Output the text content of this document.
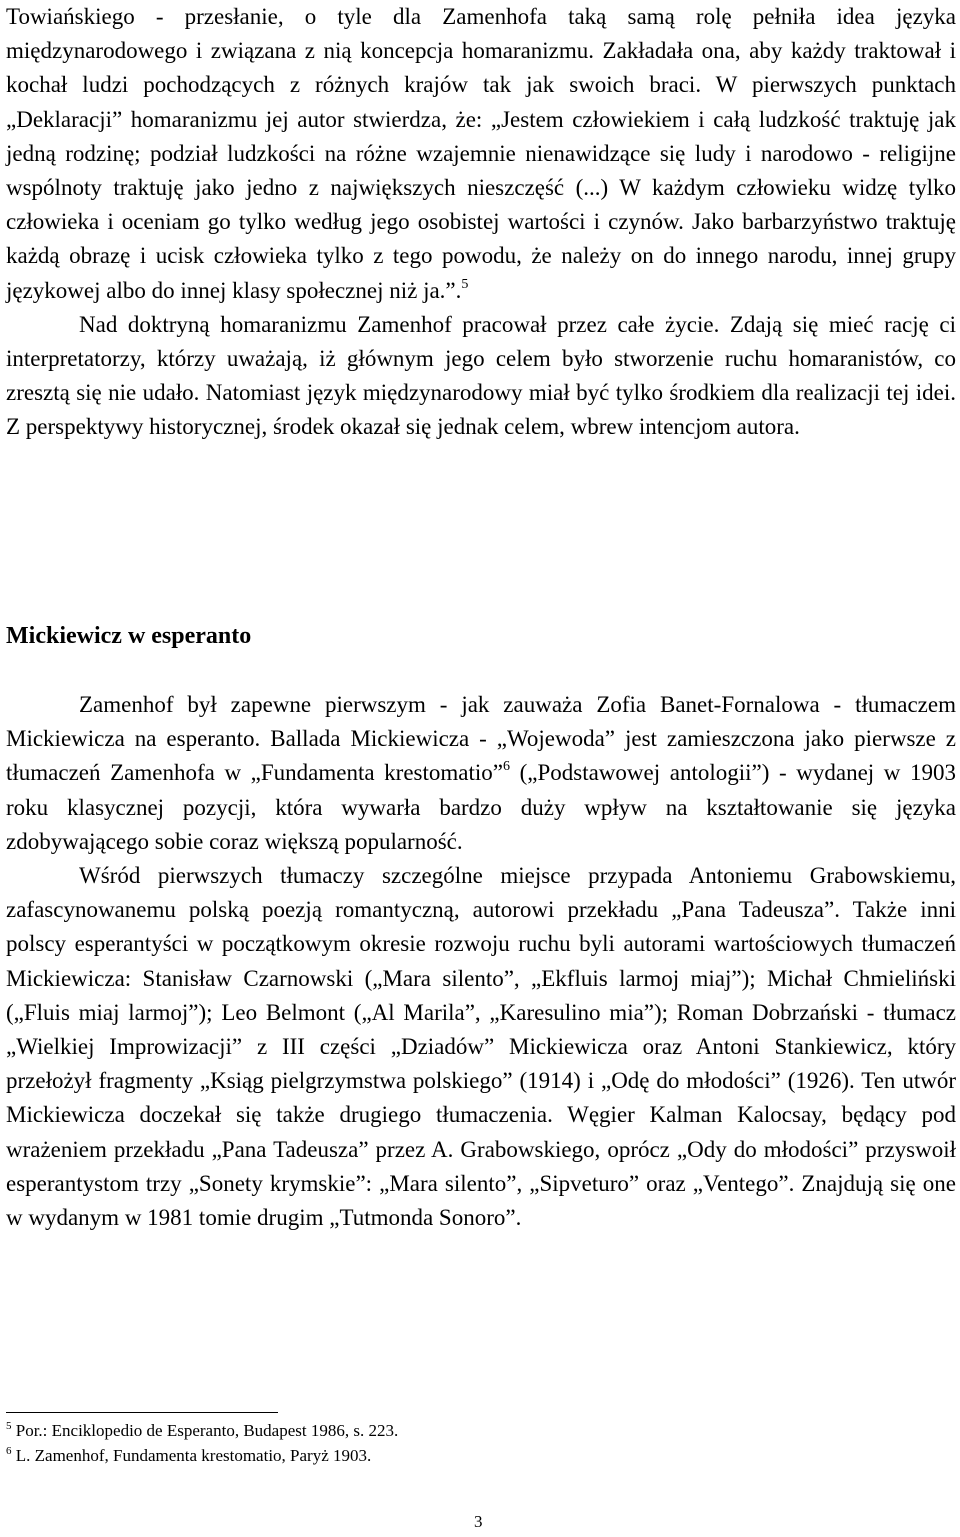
Towiańskiego - przesłanie, o tyle dla Zamenhofa taką samą rolę pełniła idea języka międzynarodowego i związana z nią koncepcja homaranizmu. Zakładała ona, aby każdy traktował i kochał ludzi pochodzących z różnych krajów tak jak swoich braci. W pierwszych punktach „Deklaracji” homaranizmu jej autor stwierdza, że: „Jestem człowiekiem i całą ludzkość traktuję jak jedną rodzinę; podział ludzkości na różne wzajemnie nienawidzące się ludy i narodowo - religijne wspólnoty traktuję jako jedno z największych nieszczęść (...) W każdym człowieku widzę tylko człowieka i oceniam go tylko według jego osobistej wartości i czynów. Jako barbarzyństwo traktuję każdą obrazę i ucisk człowieka tylko z tego powodu, że należy on do innego narodu, innej grupy językowej albo do innej klasy społecznej niż ja.”.$^5$

Nad doktryną homaranizmu Zamenhof pracował przez całe życie. Zdają się mieć rację ci interpretatorzy, którzy uważają, iż głównym jego celem było stworzenie ruchu homaranistów, co zresztą się nie udało. Natomiast język międzynarodowy miał być tylko środkiem dla realizacji tej idei. Z perspektywy historycznej, środek okazał się jednak celem, wbrew intencjom autora.

Mickiewicz w esperanto

Zamenhof był zapewne pierwszym - jak zauważa Zofia Banet-Fornalowa - tłumaczem Mickiewicza na esperanto. Ballada Mickiewicza - „Wojewoda” jest zamieszczona jako pierwsze z tłumaczeń Zamenhofa w „Fundamenta krestomatio”$^6$ („Podstawowej antologii”) - wydanej w 1903 roku klasycznej pozycji, która wywarła bardzo duży wpływ na kształtowanie się języka zdobywającego sobie coraz większą popularność.

Wśród pierwszych tłumaczy szczególne miejsce przypada Antoniemu Grabowskiemu, zafascynowanemu polską poezją romantyczną, autorowi przekładu „Pana Tadeusza”. Także inni polscy esperantyści w początkowym okresie rozwoju ruchu byli autorami wartościowych tłumaczeń Mickiewicza: Stanisław Czarnowski („Mara silento”, „Ekfluis larmoj miaj”); Michał Chmieliński („Fluis miaj larmoj”); Leo Belmont („Al Marila”, „Karesulino mia”); Roman Dobrzański - tłumacz „Wielkiej Improwizacji” z III części „Dziadów” Mickiewicza oraz Antoni Stankiewicz, który przełożył fragmenty „Ksiąg pielgrzymstwa polskiego” (1914) i „Odę do młodości” (1926). Ten utwór Mickiewicza doczekał się także drugiego tłumaczenia. Węgier Kalman Kalocsay, będący pod wrażeniem przekładu „Pana Tadeusza” przez A. Grabowskiego, oprócz „Ody do młodości” przyswoił esperantystom trzy „Sonety krymskie”: „Mara silento”, „Sipveturo” oraz „Ventego”. Znajdują się one w wydanym w 1981 tomie drugim „Tutmonda Sonoro”.

$^5$ Por.: Enciklopedio de Esperanto, Budapest 1986, s. 223.

$^6$ L. Zamenhof, Fundamenta krestomatio, Paryż 1903.

3
